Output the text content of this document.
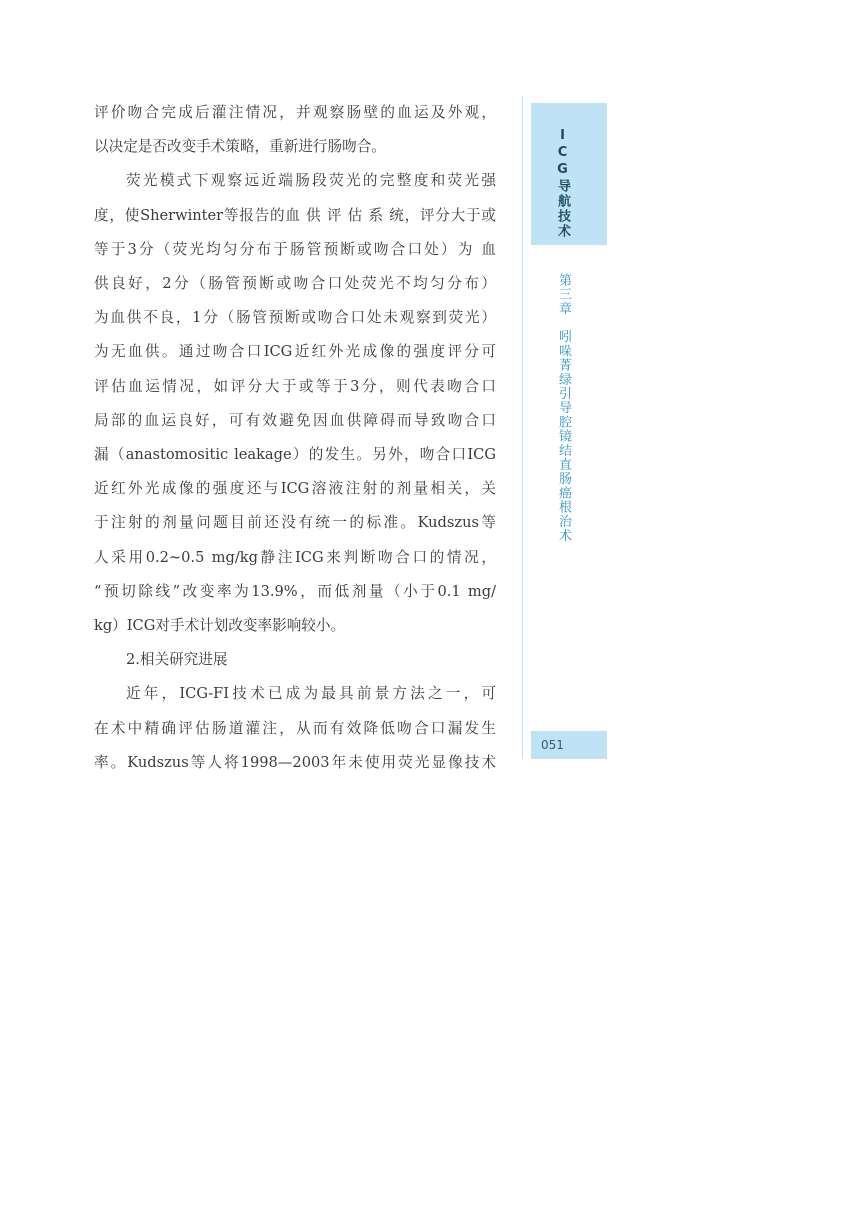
评价吻合完成后灌注情况，并观察肠壁的血运及外观，
以决定是否改变手术策略，重新进行肠吻合。
荧光模式下观察远近端肠段荧光的完整度和荧光强
度，使Sherwinter等报告的血 供 评 估 系 统，评分大于或
等于3分（荧光均匀分布于肠管预断或吻合口处）为 血
供良好，2分（肠管预断或吻合口处荧光不均匀分布）
为血供不良，1分（肠管预断或吻合口处未观察到荧光）
为无血供。通过吻合口ICG近红外光成像的强度评分可
评估血运情况，如评分大于或等于3分，则代表吻合口
局部的血运良好，可有效避免因血供障碍而导致吻合口
漏（anastomositic leakage）的发生。另外，吻合口ICG
近红外光成像的强度还与ICG溶液注射的剂量相关，关
于注射的剂量问题目前还没有统一的标准。Kudszus等
人采用0.2~0.5 mg/kg静注ICG来判断吻合口的情况，
“预切除线”改变率为13.9%，而低剂量（小于0.1 mg/
kg）ICG对手术计划改变率影响较小。
2.相关研究进展
近年，ICG-FI技术已成为最具前景方法之一，可
在术中精确评估肠道灌注，从而有效降低吻合口漏发生
率。Kudszus等人将1998—2003年未使用荧光显像技术
ICG导航技术
第三章　吲哚菁绿引导腔镜结直肠癌根治术
051
